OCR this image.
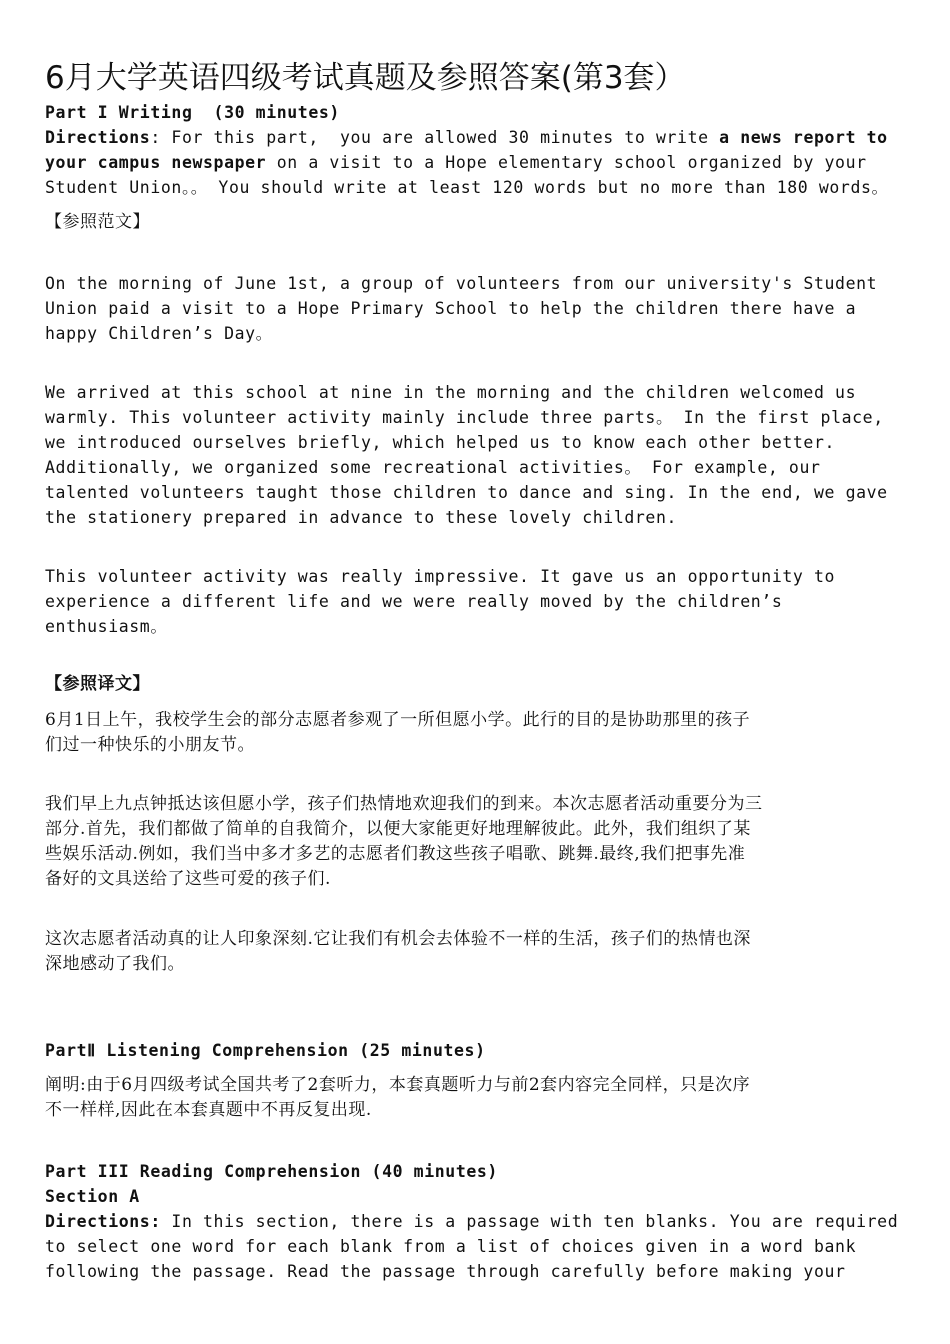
6月大学英语四级考试真题及参照答案(第3套）
Part I Writing  (30 minutes)
Directions: For this part,  you are allowed 30 minutes to write a news report to
your campus newspaper on a visit to a Hope elementary school organized by your
Student Union。。 You should write at least 120 words but no more than 180 words。
【参照范文】
On the morning of June 1st, a group of volunteers from our university's Student
Union paid a visit to a Hope Primary School to help the children there have a
happy Children’s Day。
We arrived at this school at nine in the morning and the children welcomed us
warmly. This volunteer activity mainly include three parts。 In the first place,
we introduced ourselves briefly, which helped us to know each other better.
Additionally, we organized some recreational activities。 For example, our
talented volunteers taught those children to dance and sing. In the end, we gave
the stationery prepared in advance to these lovely children.
This volunteer activity was really impressive. It gave us an opportunity to
experience a different life and we were really moved by the children’s
enthusiasm。
【参照译文】
6月1日上午，我校学生会的部分志愿者参观了一所但愿小学。此行的目的是协助那里的孩子
们过一种快乐的小朋友节。
我们早上九点钟抵达该但愿小学，孩子们热情地欢迎我们的到来。本次志愿者活动重要分为三
部分.首先，我们都做了简单的自我简介，以便大家能更好地理解彼此。此外，我们组织了某
些娱乐活动.例如，我们当中多才多艺的志愿者们教这些孩子唱歌、跳舞.最终,我们把事先准
备好的文具送给了这些可爱的孩子们.
这次志愿者活动真的让人印象深刻.它让我们有机会去体验不一样的生活，孩子们的热情也深
深地感动了我们。
PartⅡ Listening Comprehension (25 minutes)
阐明:由于6月四级考试全国共考了2套听力，本套真题听力与前2套内容完全同样，只是次序
不一样样,因此在本套真题中不再反复出现.
Part III Reading Comprehension (40 minutes)
Section A
Directions: In this section, there is a passage with ten blanks. You are required
to select one word for each blank from a list of choices given in a word bank
following the passage. Read the passage through carefully before making your
